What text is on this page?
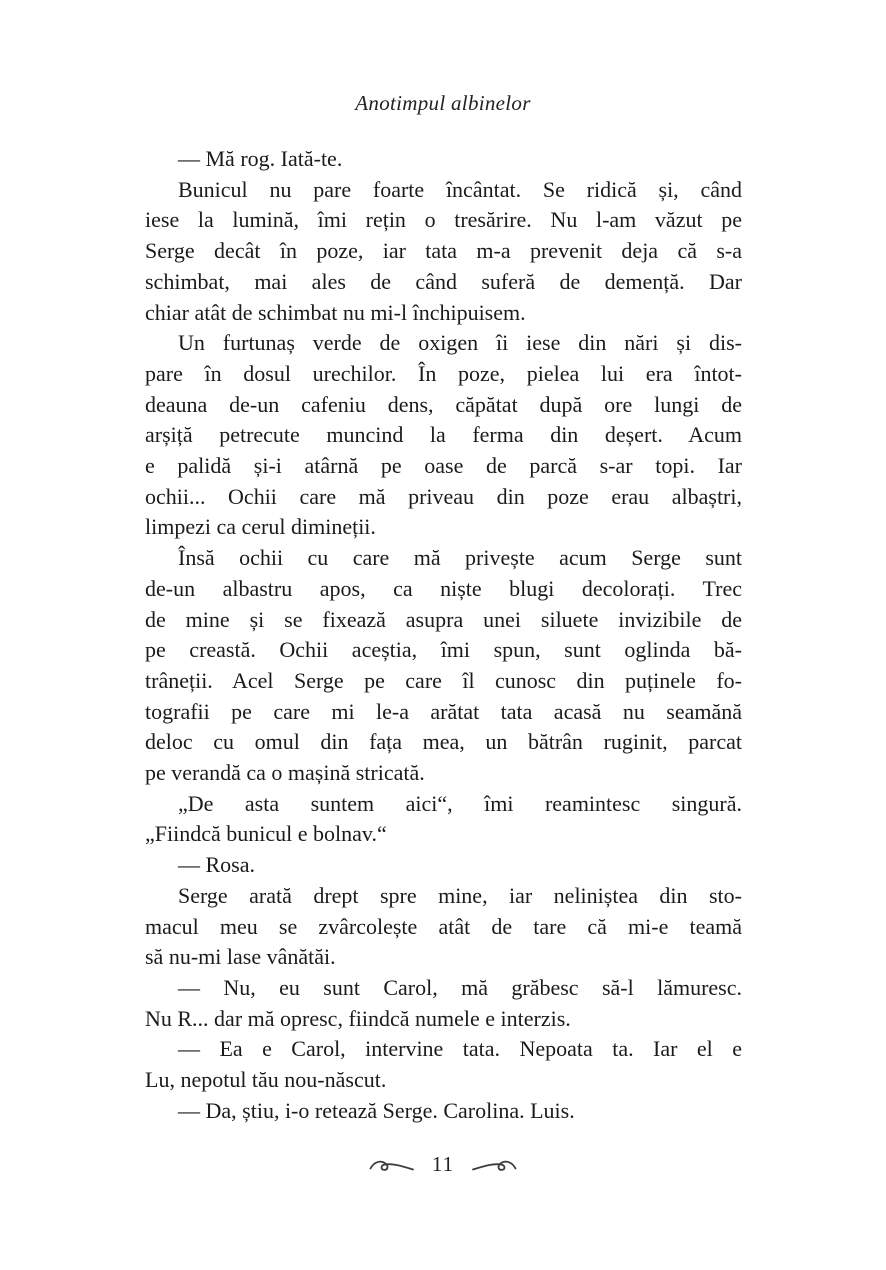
Anotimpul albinelor
— Mă rog. Iată-te.
Bunicul nu pare foarte încântat. Se ridică și, când
iese la lumină, îmi rețin o tresărire. Nu l-am văzut pe
Serge decât în poze, iar tata m-a prevenit deja că s-a
schimbat, mai ales de când suferă de demență. Dar
chiar atât de schimbat nu mi-l închipuisem.
Un furtunaș verde de oxigen îi iese din nări și dis-
pare în dosul urechilor. În poze, pielea lui era întot-
deauna de-un cafeniu dens, căpătat după ore lungi de
arșiță petrecute muncind la ferma din deșert. Acum
e palidă și-i atârnă pe oase de parcă s-ar topi. Iar
ochii... Ochii care mă priveau din poze erau albaștri,
limpezi ca cerul dimineții.
Însă ochii cu care mă privește acum Serge sunt
de-un albastru apos, ca niște blugi decolorați. Trec
de mine și se fixează asupra unei siluete invizibile de
pe creastă. Ochii aceștia, îmi spun, sunt oglinda bă-
trâneții. Acel Serge pe care îl cunosc din puținele fo-
tografii pe care mi le-a arătat tata acasă nu seamănă
deloc cu omul din fața mea, un bătrân ruginit, parcat
pe verandă ca o mașină stricată.
„De asta suntem aici“, îmi reamintesc singură.
„Fiindcă bunicul e bolnav.“
— Rosa.
Serge arată drept spre mine, iar neliniștea din sto-
macul meu se zvârcolește atât de tare că mi-e teamă
să nu-mi lase vânătăi.
— Nu, eu sunt Carol, mă grăbesc să-l lămuresc.
Nu R... dar mă opresc, fiindcă numele e interzis.
— Ea e Carol, intervine tata. Nepoata ta. Iar el e
Lu, nepotul tău nou-născut.
— Da, știu, i-o retează Serge. Carolina. Luis.
11
